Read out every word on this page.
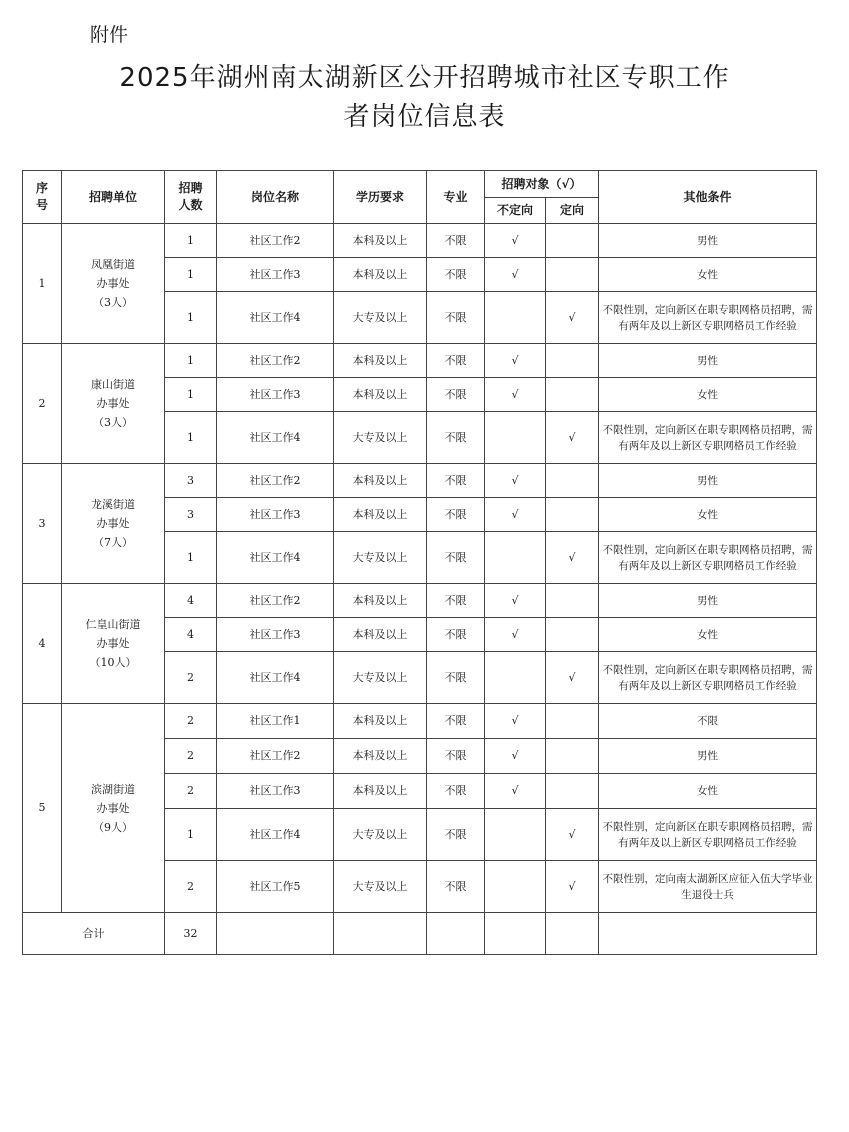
附件
2025年湖州南太湖新区公开招聘城市社区专职工作
者岗位信息表
序号	招聘单位	招聘人数	岗位名称	学历要求	专业	招聘对象（√）		其他条件
						不定向	定向	
1	凤凰街道
办事处
（3人）	1	社区工作2	本科及以上	不限	√		男性
		1	社区工作3	本科及以上	不限	√		女性
		1	社区工作4	大专及以上	不限		√	不限性别，定向新区在职专职网格员招聘，需有两年及以上新区专职网格员工作经验
2	康山街道
办事处
（3人）	1	社区工作2	本科及以上	不限	√		男性
		1	社区工作3	本科及以上	不限	√		女性
		1	社区工作4	大专及以上	不限		√	不限性别，定向新区在职专职网格员招聘，需有两年及以上新区专职网格员工作经验
3	龙溪街道
办事处
（7人）	3	社区工作2	本科及以上	不限	√		男性
		3	社区工作3	本科及以上	不限	√		女性
		1	社区工作4	大专及以上	不限		√	不限性别，定向新区在职专职网格员招聘，需有两年及以上新区专职网格员工作经验
4	仁皇山街道
办事处
（10人）	4	社区工作2	本科及以上	不限	√		男性
		4	社区工作3	本科及以上	不限	√		女性
		2	社区工作4	大专及以上	不限		√	不限性别，定向新区在职专职网格员招聘，需有两年及以上新区专职网格员工作经验
5	滨湖街道
办事处
（9人）	2	社区工作1	本科及以上	不限	√		不限
		2	社区工作2	本科及以上	不限	√		男性
		2	社区工作3	本科及以上	不限	√		女性
		1	社区工作4	大专及以上	不限		√	不限性别，定向新区在职专职网格员招聘，需有两年及以上新区专职网格员工作经验
		2	社区工作5	大专及以上	不限		√	不限性别，定向南太湖新区应征入伍大学毕业生退役士兵
合计		32						
